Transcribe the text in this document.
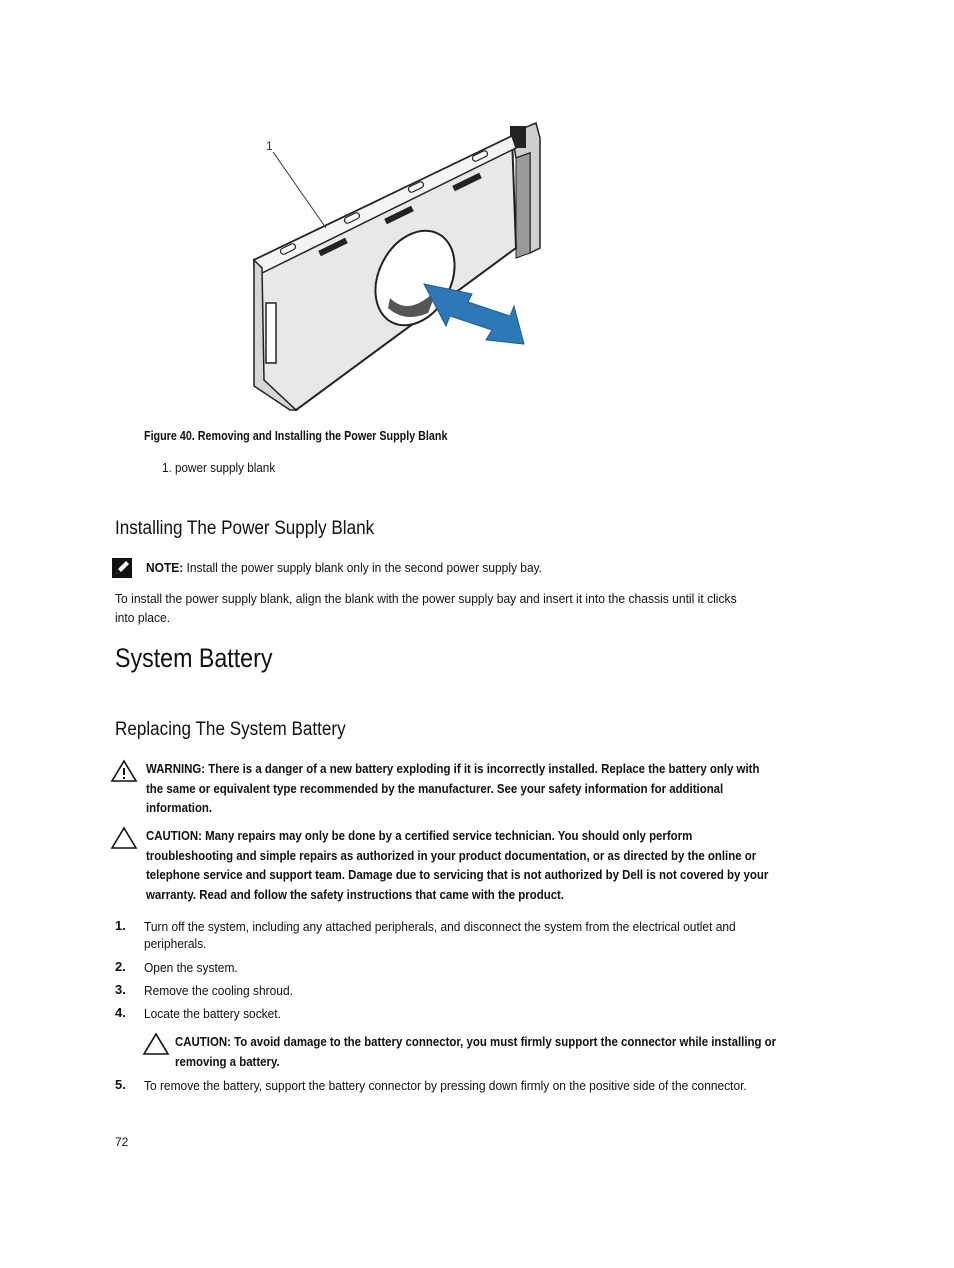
1
Figure 40. Removing and Installing the Power Supply Blank
1. power supply blank
Installing The Power Supply Blank
NOTE: Install the power supply blank only in the second power supply bay.
To install the power supply blank, align the blank with the power supply bay and insert it into the chassis until it clicks
into place.
System Battery
Replacing The System Battery
WARNING: There is a danger of a new battery exploding if it is incorrectly installed. Replace the battery only with
the same or equivalent type recommended by the manufacturer. See your safety information for additional
information.
CAUTION: Many repairs may only be done by a certified service technician. You should only perform
troubleshooting and simple repairs as authorized in your product documentation, or as directed by the online or
telephone service and support team. Damage due to servicing that is not authorized by Dell is not covered by your
warranty. Read and follow the safety instructions that came with the product.
1. Turn off the system, including any attached peripherals, and disconnect the system from the electrical outlet and
peripherals.
2. Open the system.
3. Remove the cooling shroud.
4. Locate the battery socket.
CAUTION: To avoid damage to the battery connector, you must firmly support the connector while installing or
removing a battery.
5. To remove the battery, support the battery connector by pressing down firmly on the positive side of the connector.
72
